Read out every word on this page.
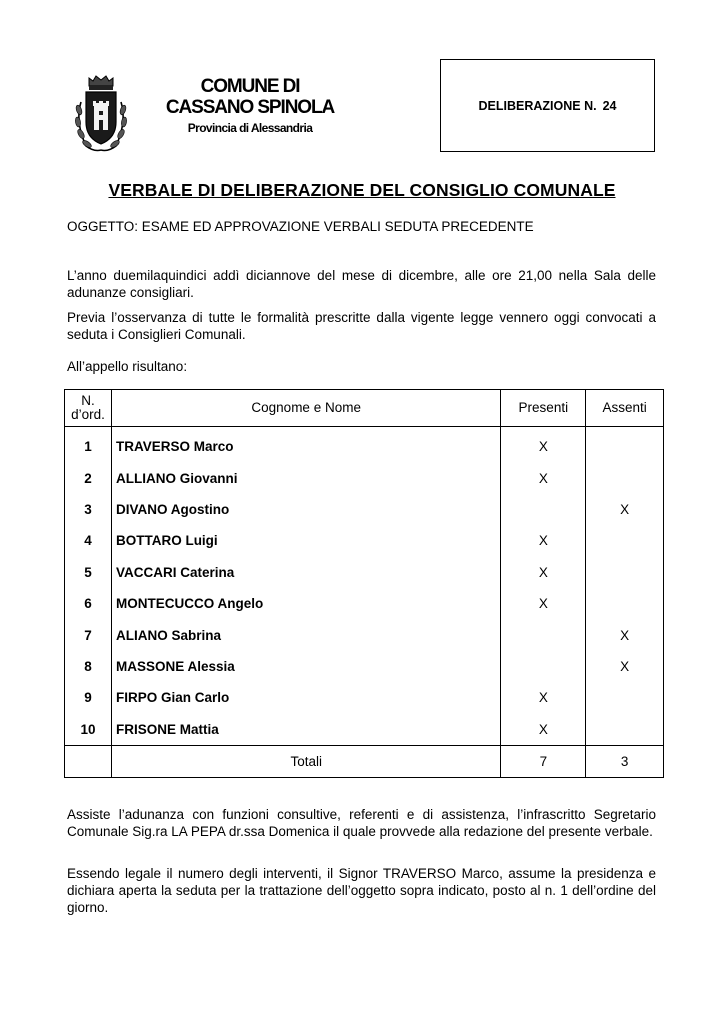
COMUNE DI
CASSANO SPINOLA
Provincia di Alessandria
DELIBERAZIONE N. 24
VERBALE DI DELIBERAZIONE DEL CONSIGLIO COMUNALE
OGGETTO: ESAME ED APPROVAZIONE VERBALI SEDUTA PRECEDENTE
L’anno duemilaquindici addì diciannove del mese di dicembre, alle ore 21,00 nella Sala delle adunanze consigliari.
Previa l’osservanza di tutte le formalità prescritte dalla vigente legge vennero oggi convocati a seduta i Consiglieri Comunali.
All’appello risultano:
N.
d’ord.	Cognome e Nome	Presenti	Assenti
1	TRAVERSO Marco	X	
2	ALLIANO Giovanni	X	
3	DIVANO Agostino		X
4	BOTTARO Luigi	X	
5	VACCARI Caterina	X	
6	MONTECUCCO Angelo	X	
7	ALIANO Sabrina		X
8	MASSONE Alessia		X
9	FIRPO Gian Carlo	X	
10	FRISONE Mattia	X	
	Totali	7	3
Assiste l’adunanza con funzioni consultive, referenti e di assistenza, l’infrascritto Segretario Comunale Sig.ra LA PEPA dr.ssa Domenica il quale provvede alla redazione del presente verbale.
Essendo legale il numero degli interventi, il Signor TRAVERSO Marco, assume la presidenza e dichiara aperta la seduta per la trattazione dell’oggetto sopra indicato, posto al n. 1 dell’ordine del giorno.
